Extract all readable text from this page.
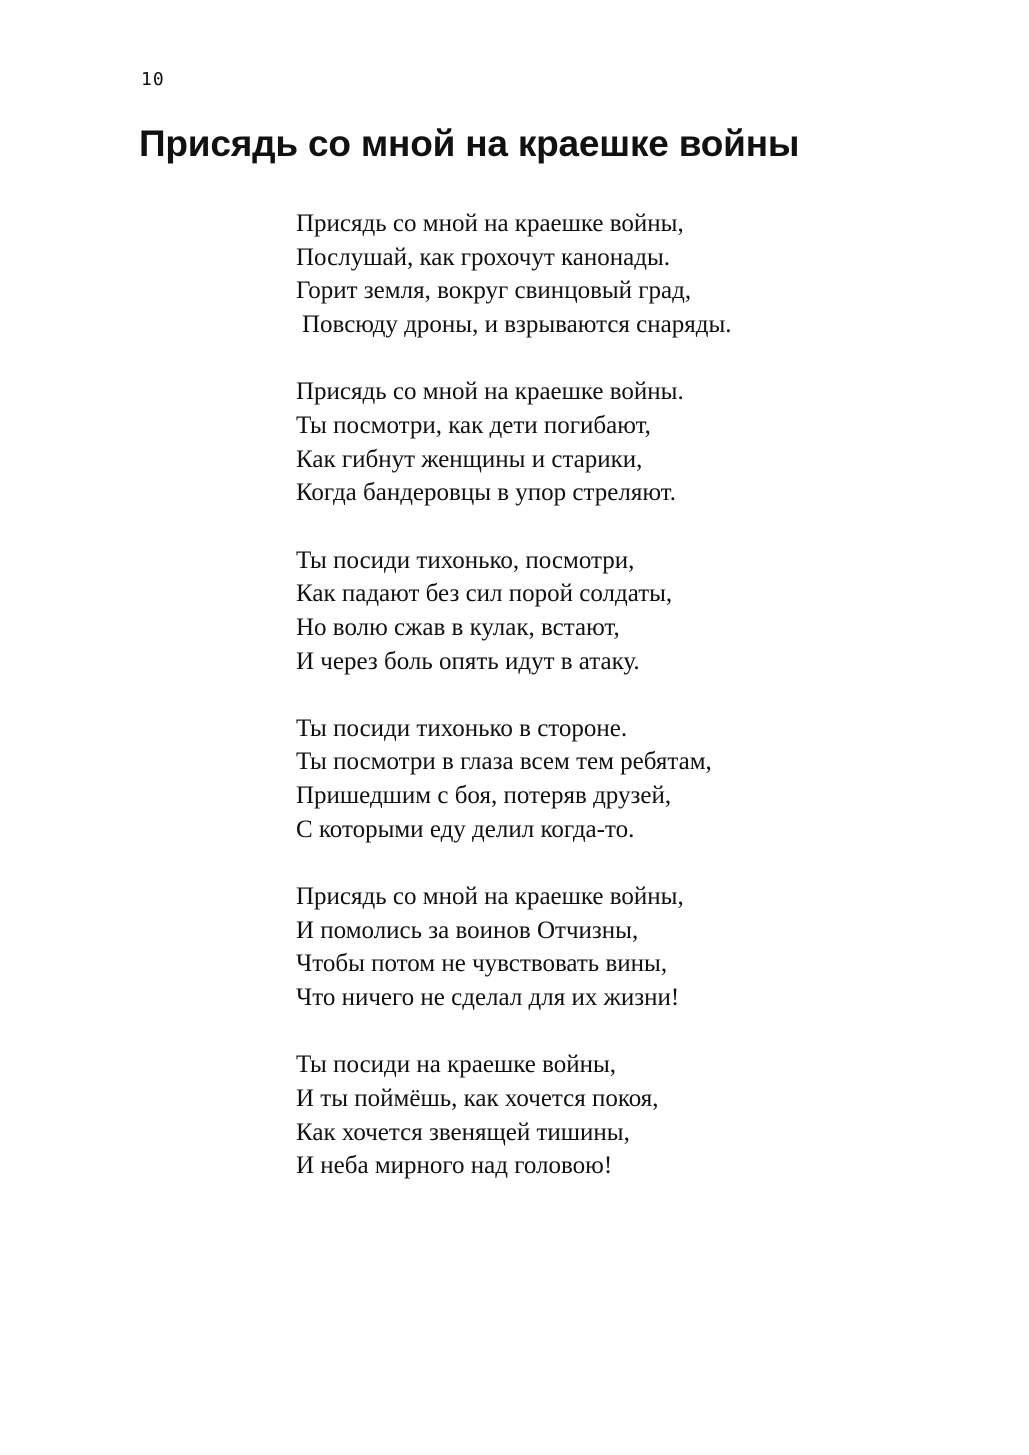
10
Присядь со мной на краешке войны
Присядь со мной на краешке войны,
Послушай, как грохочут канонады.
Горит земля, вокруг свинцовый град,
Повсюду дроны, и взрываются снаряды.
Присядь со мной на краешке войны.
Ты посмотри, как дети погибают,
Как гибнут женщины и старики,
Когда бандеровцы в упор стреляют.
Ты посиди тихонько, посмотри,
Как падают без сил порой солдаты,
Но волю сжав в кулак, встают,
И через боль опять идут в атаку.
Ты посиди тихонько в стороне.
Ты посмотри в глаза всем тем ребятам,
Пришедшим с боя, потеряв друзей,
С которыми еду делил когда-то.
Присядь со мной на краешке войны,
И помолись за воинов Отчизны,
Чтобы потом не чувствовать вины,
Что ничего не сделал для их жизни!
Ты посиди на краешке войны,
И ты поймёшь, как хочется покоя,
Как хочется звенящей тишины,
И неба мирного над головою!
